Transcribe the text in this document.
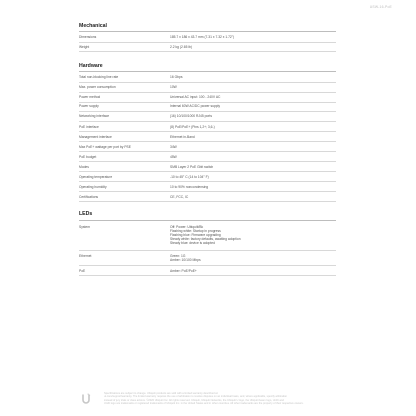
USW-16-PoE
Mechanical
Dimensions	185.7 x 186 x 43.7 mm (7.31 x 7.32 x 1.72")
Weight	2.2 kg (2.65 lb)
Hardware
Total non-blocking line rate	16 Gbps
Max. power consumption	10W
Power method	Universal AC input: 100 - 240V AC
Power supply	Internal 60W AC/DC power supply
Networking interface	(16) 10/100/1000 RJ45 ports
PoE interface	(8) PoE/PoE+ (Pins 1,2+; 3,6-)
Management interface	Ethernet in-Band
Max PoE+ wattage per port by PSE	34W
PoE budget	45W
Modes	SMB Layer 2 PoE Gbit switch
Operating temperature	-10 to 45° C (14 to 104° F)
Operating humidity	10 to 90% noncondensing
Certifications	CE, FCC, IC
LEDs
System	Off: Power: Ubiquiti/Bk
Flashing white: Startup in progress
Flashing blue: Firmware upgrading
Steady white: factory defaults, awaiting adoption
Steady blue: device is adopted
Ethernet	Green: 1G
Amber: 10/100 Mbps
PoE	Amber: PoE/PoE+
Specifications are subject to change. Ubiquiti products are sold with a limited warranty described at:
ui.com/support/warranty. The limited warranty requires the use of arbitration to resolve disputes on an individual basis, and, where applicable, specify arbitration
instead of jury trials or class actions. ©2020 Ubiquiti Inc. All rights reserved. Ubiquiti, Ubiquiti Networks, the Ubiquiti U logo, the Ubiquiti beam logo, UniFi and
UniFi logo are trademarks or registered trademarks of Ubiquiti Inc. in the United States and in other countries. All other trademarks are the property of their respective owners.
